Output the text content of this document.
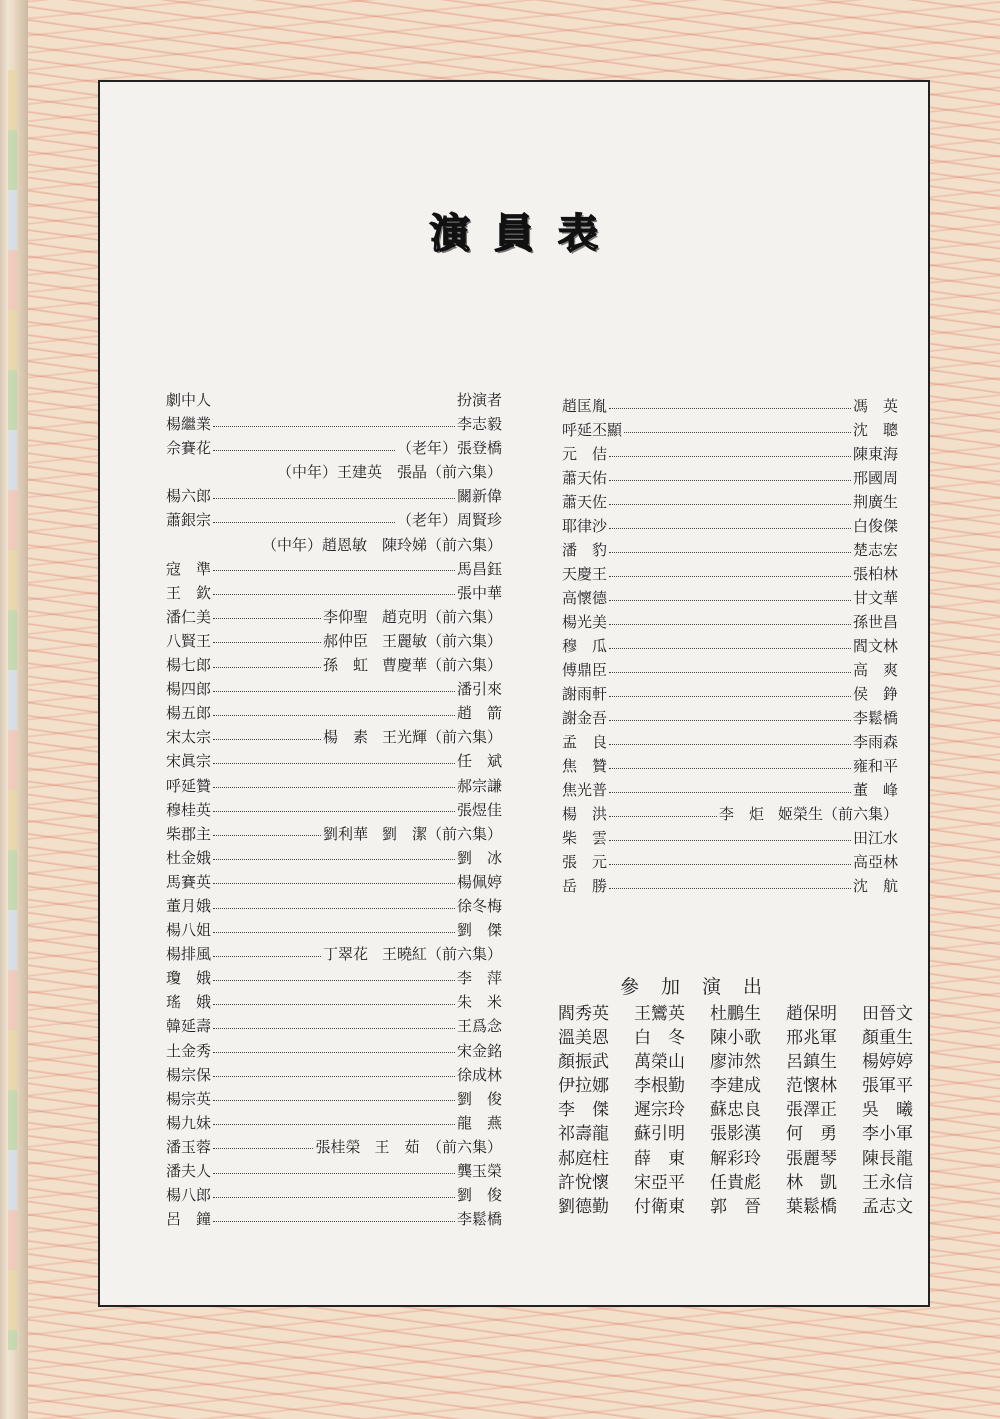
演員表
劇中人	扮演者
楊繼業	李志毅
佘賽花	（老年）張登橋
（中年）王建英　張晶（前六集）
楊六郎	關新偉
蕭銀宗	（老年）周賢珍
（中年）趙恩敏　陳玲娣（前六集）
寇　準	馬昌鈺
王　欽	張中華
潘仁美	李仰聖 趙克明（前六集）
八賢王	郝仲臣 王麗敏（前六集）
楊七郎	孫　虹 曹慶華（前六集）
楊四郎	潘引來
楊五郎	趙　箭
宋太宗	楊　素 王光輝（前六集）
宋眞宗	任　斌
呼延贊	郝宗謙
穆桂英	張煜佳
柴郡主	劉利華 劉　潔（前六集）
杜金娥	劉　冰
馬賽英	楊佩婷
董月娥	徐冬梅
楊八姐	劉　傑
楊排風	丁翠花 王曉紅（前六集）
瓊　娥	李　萍
瑤　娥	朱　米
韓延壽	王爲念
土金秀	宋金銘
楊宗保	徐成林
楊宗英	劉　俊
楊九妹	龍　燕
潘玉蓉	張桂榮 王　茹　（前六集）
潘夫人	龔玉榮
楊八郎	劉　俊
呂　鐘	李鬆橋
趙匡胤	馮　英
呼延丕顯	沈　聰
元　佶	陳東海
蕭天佑	邢國周
蕭天佐	荆廣生
耶律沙	白俊傑
潘　豹	楚志宏
天慶王	張柏林
高懷德	甘文華
楊光美	孫世昌
穆　瓜	閻文林
傅鼎臣	高　爽
謝雨軒	侯　錚
謝金吾	李鬆橋
孟　良	李雨森
焦　贊	雍和平
焦光普	董　峰
楊　洪	李　炬 姬榮生（前六集）
柴　雲	田江水
張　元	高亞林
岳　勝	沈　航
參加演出
閻秀英	王鸞英	杜鵬生	趙保明	田晉文
溫美恩	白　冬	陳小歌	邢兆軍	顏重生
顏振武	萬榮山	廖沛然	呂鎮生	楊婷婷
伊拉娜	李根勤	李建成	范懷林	張軍平
李　傑	遲宗玲	蘇忠良	張澤正	吳　曦
祁壽龍	蘇引明	張影漢	何　勇	李小軍
郝庭柱	薛　東	解彩玲	張麗琴	陳長龍
許悅懷	宋亞平	任貴彪	林　凱	王永信
劉德勤	付衛東	郭　晉	葉鬆橋	孟志文
